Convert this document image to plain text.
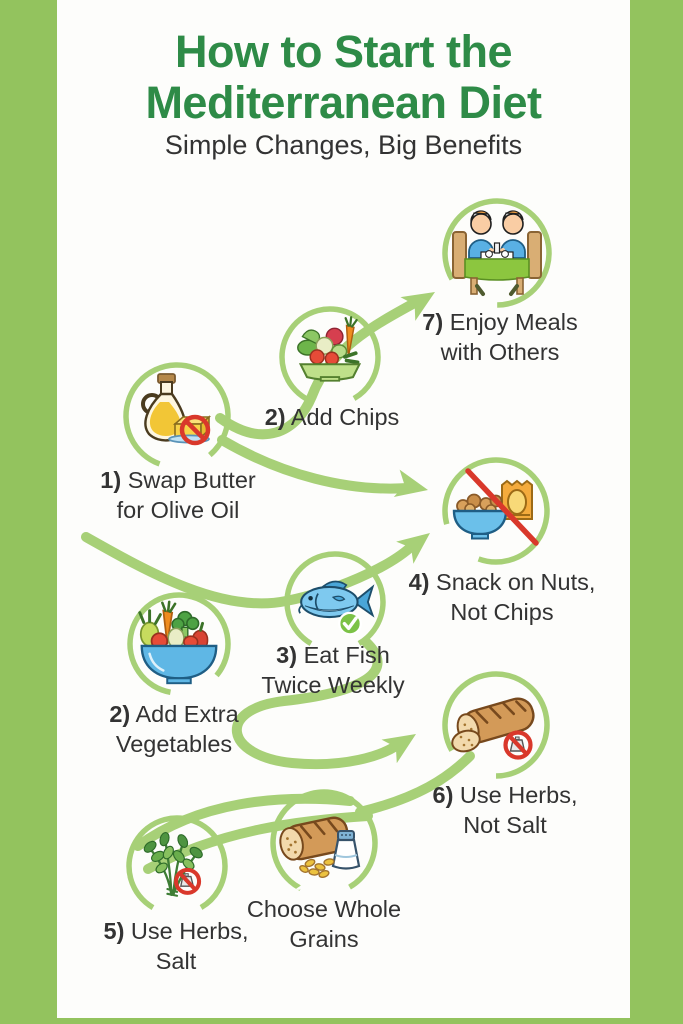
How to Start the
Mediterranean Diet
Simple Changes, Big Benefits
7) Enjoy Meals
with Others
2) Add Chips

1) Swap Butter
for Olive Oil
4) Snack on Nuts,
Not Chips
3) Eat Fish
Twice Weekly
2) Add Extra
Vegetables
6) Use Herbs,
Not Salt
Choose Whole
Grains
5) Use Herbs,
Salt
